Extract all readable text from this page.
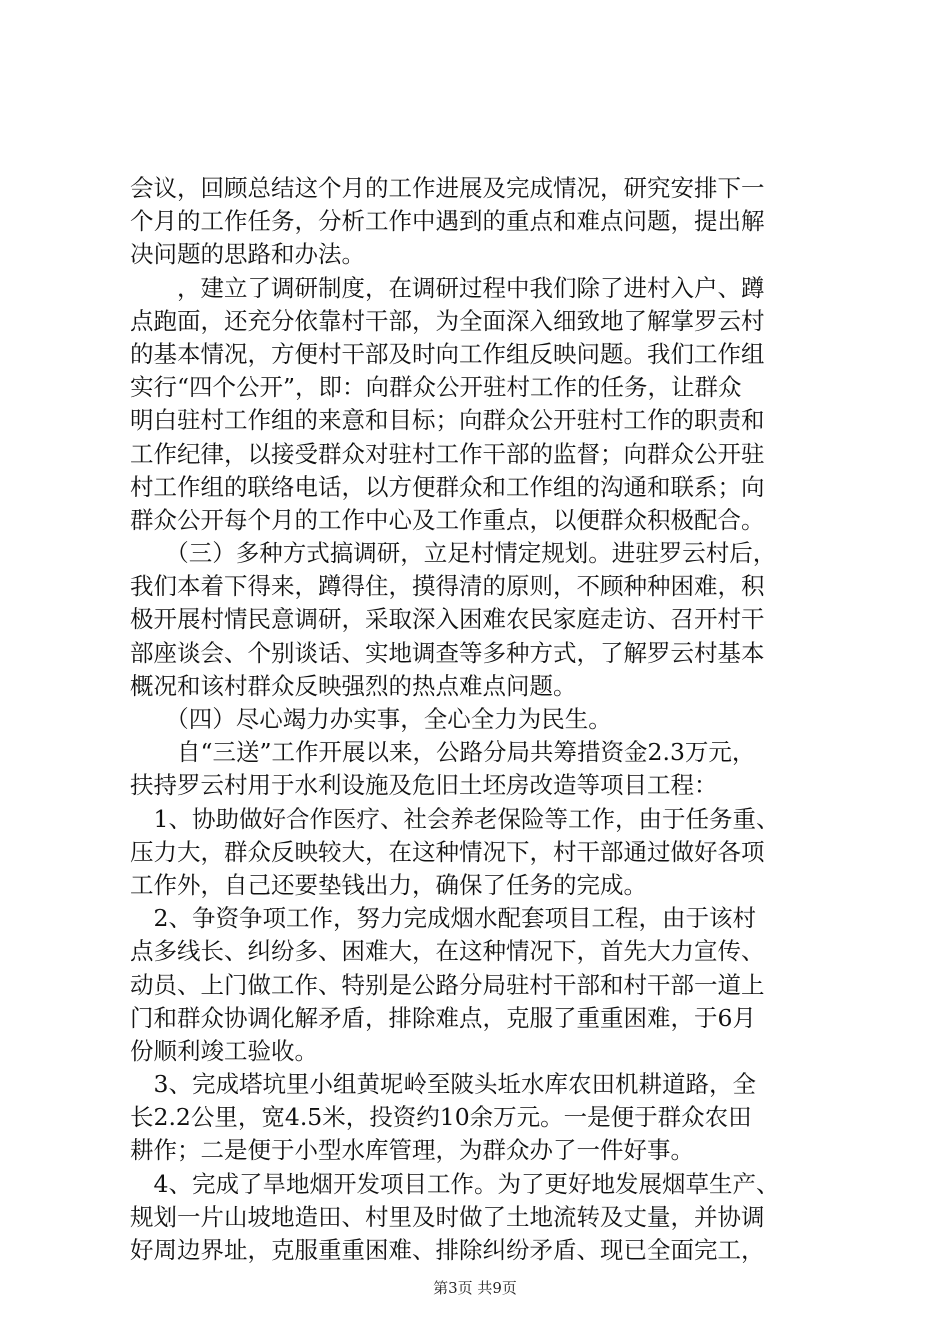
会议，回顾总结这个月的工作进展及完成情况，研究安排下一
个月的工作任务，分析工作中遇到的重点和难点问题，提出解
决问题的思路和办法。
　　，建立了调研制度，在调研过程中我们除了进村入户、蹲
点跑面，还充分依靠村干部，为全面深入细致地了解掌罗云村
的基本情况，方便村干部及时向工作组反映问题。我们工作组
实行“四个公开”，即：向群众公开驻村工作的任务，让群众
明白驻村工作组的来意和目标；向群众公开驻村工作的职责和
工作纪律，以接受群众对驻村工作干部的监督；向群众公开驻
村工作组的联络电话，以方便群众和工作组的沟通和联系；向
群众公开每个月的工作中心及工作重点，以便群众积极配合。
　　（三）多种方式搞调研，立足村情定规划。进驻罗云村后，
我们本着下得来，蹲得住，摸得清的原则，不顾种种困难，积
极开展村情民意调研，采取深入困难农民家庭走访、召开村干
部座谈会、个别谈话、实地调查等多种方式，了解罗云村基本
概况和该村群众反映强烈的热点难点问题。
　　（四）尽心竭力办实事，全心全力为民生。
　　自“三送”工作开展以来，公路分局共筹措资金2.3万元，
扶持罗云村用于水利设施及危旧土坯房改造等项目工程：
　1、协助做好合作医疗、社会养老保险等工作，由于任务重、
压力大，群众反映较大，在这种情况下，村干部通过做好各项
工作外，自己还要垫钱出力，确保了任务的完成。
　2、争资争项工作，努力完成烟水配套项目工程，由于该村
点多线长、纠纷多、困难大，在这种情况下，首先大力宣传、
动员、上门做工作、特别是公路分局驻村干部和村干部一道上
门和群众协调化解矛盾，排除难点，克服了重重困难，于6月
份顺利竣工验收。
　3、完成塔坑里小组黄坭岭至陂头坵水库农田机耕道路，全
长2.2公里，宽4.5米，投资约10余万元。一是便于群众农田
耕作；二是便于小型水库管理，为群众办了一件好事。
　4、完成了旱地烟开发项目工作。为了更好地发展烟草生产、
规划一片山坡地造田、村里及时做了土地流转及丈量，并协调
好周边界址，克服重重困难、排除纠纷矛盾、现已全面完工，
第3页 共9页
